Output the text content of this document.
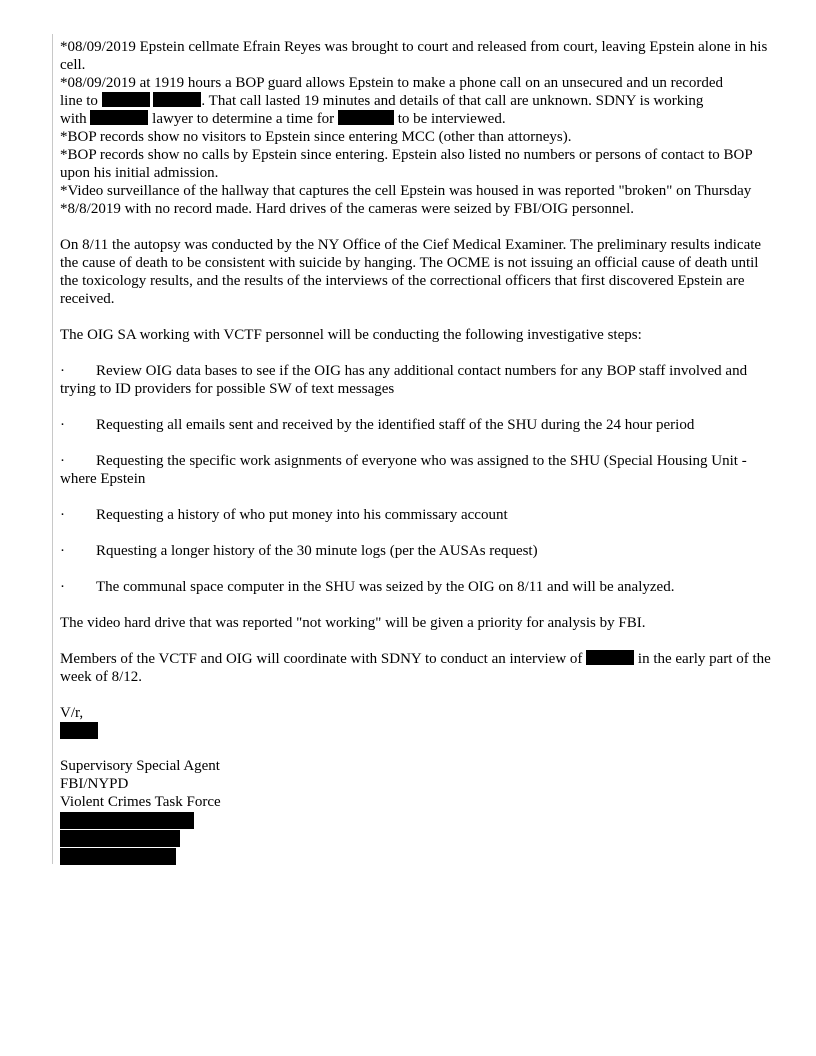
*08/09/2019 Epstein cellmate Efrain Reyes was brought to court and released from court, leaving Epstein alone in his cell.

*08/09/2019 at 1919 hours a BOP guard allows Epstein to make a phone call on an unsecured and un recorded
line to	. That call lasted 19 minutes and details of that call are unknown. SDNY is working
with	lawyer to determine a time for	to be interviewed.

*BOP records show no visitors to Epstein since entering MCC (other than attorneys).

*BOP records show no calls by Epstein since entering. Epstein also listed no numbers or persons of contact to BOP upon his initial admission.

*Video surveillance of the hallway that captures the cell Epstein was housed in was reported "broken" on Thursday *8/8/2019 with no record made. Hard drives of the cameras were seized by FBI/OIG personnel.

On 8/11 the autopsy was conducted by the NY Office of the Cief Medical Examiner. The preliminary results indicate the cause of death to be consistent with suicide by hanging. The OCME is not issuing an official cause of death until the toxicology results, and the results of the interviews of the correctional officers that first discovered Epstein are received.

The OIG SA working with VCTF personnel will be conducting the following investigative steps:

· Review OIG data bases to see if the OIG has any additional contact numbers for any BOP staff involved and trying to ID providers for possible SW of text messages

· Requesting all emails sent and received by the identified staff of the SHU during the 24 hour period

· Requesting the specific work asignments of everyone who was assigned to the SHU (Special Housing Unit -where Epstein

· Requesting a history of who put money into his commissary account

· Rquesting a longer history of the 30 minute logs (per the AUSAs request)

· The communal space computer in the SHU was seized by the OIG on 8/11 and will be analyzed.

The video hard drive that was reported "not working" will be given a priority for analysis by FBI.

Members of the VCTF and OIG will coordinate with SDNY to conduct an interview of	in the early part of the week of 8/12.

V/r,

Supervisory Special Agent

FBI/NYPD

Violent Crimes Task Force
